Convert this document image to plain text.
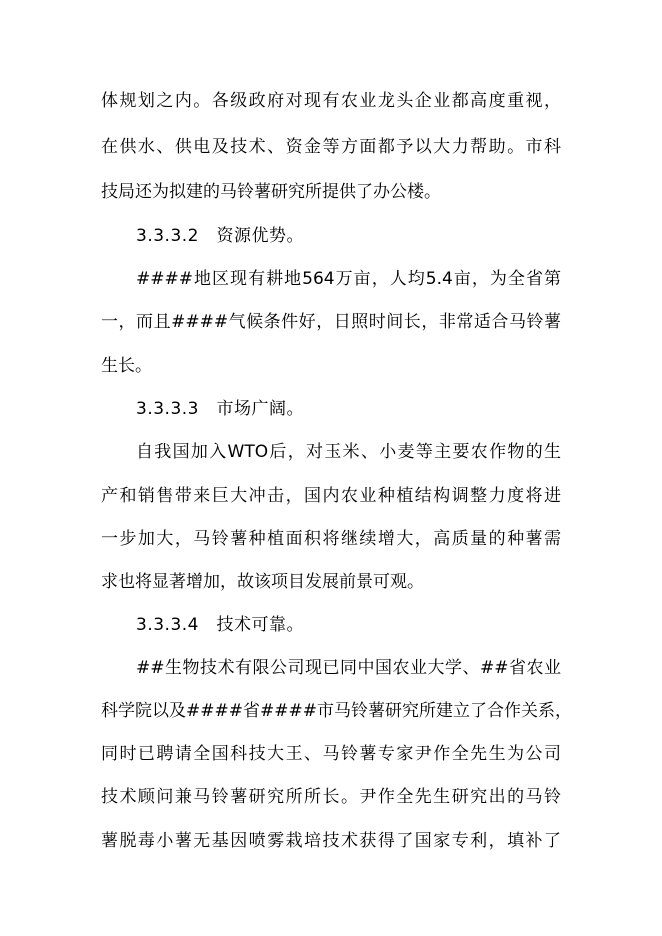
体规划之内。各级政府对现有农业龙头企业都高度重视，

在供水、供电及技术、资金等方面都予以大力帮助。市科

技局还为拟建的马铃薯研究所提供了办公楼。

3.3.3.2　资源优势。

####地区现有耕地564万亩，人均5.4亩，为全省第

一，而且####气候条件好，日照时间长，非常适合马铃薯

生长。

3.3.3.3　市场广阔。

自我国加入WTO后，对玉米、小麦等主要农作物的生

产和销售带来巨大冲击，国内农业种植结构调整力度将进

一步加大，马铃薯种植面积将继续增大，高质量的种薯需

求也将显著增加，故该项目发展前景可观。

3.3.3.4　技术可靠。

##生物技术有限公司现已同中国农业大学、##省农业

科学院以及####省####市马铃薯研究所建立了合作关系，

同时已聘请全国科技大王、马铃薯专家尹作全先生为公司

技术顾问兼马铃薯研究所所长。尹作全先生研究出的马铃

薯脱毒小薯无基因喷雾栽培技术获得了国家专利，填补了
